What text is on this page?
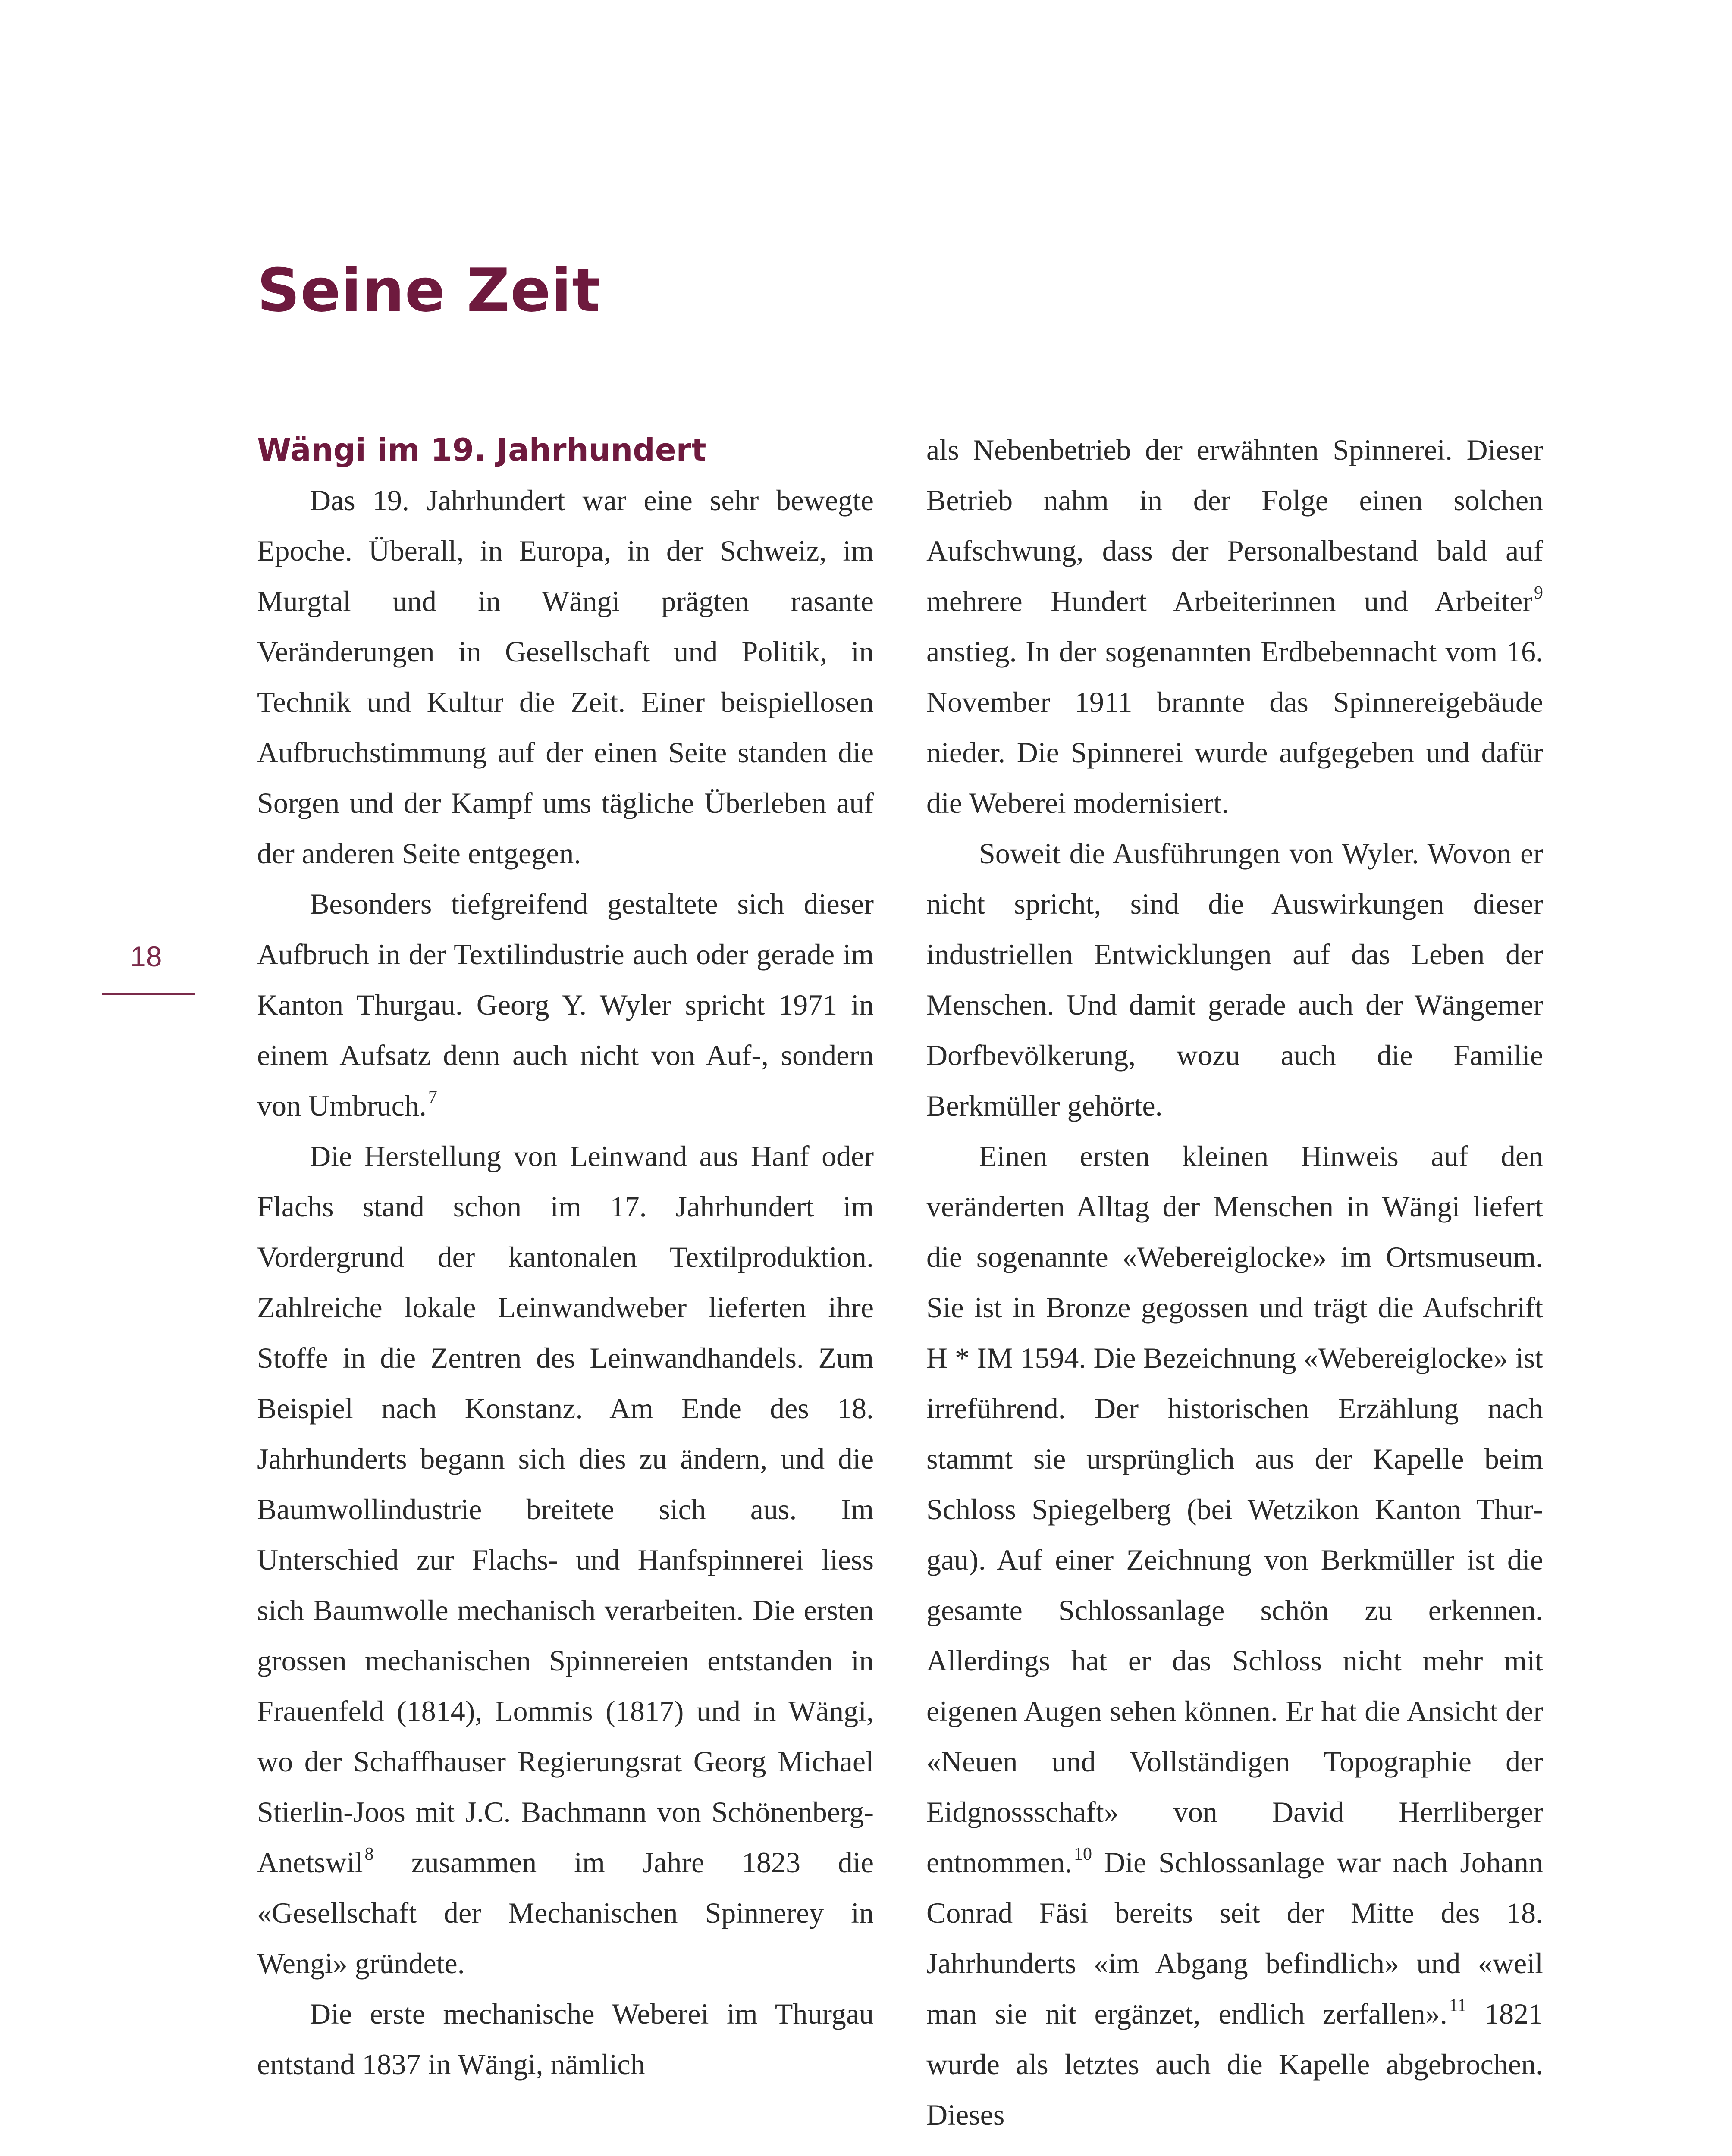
Seine Zeit
18
Wängi im 19. Jahrhundert

Das 19. Jahrhundert war eine sehr bewegte Epoche. Überall, in Europa, in der Schweiz, im Murgtal und in Wängi prägten rasante Veränderungen in Gesellschaft und Politik, in Technik und Kultur die Zeit. Einer beispiellosen Aufbruchstimmung auf der einen Seite standen die Sorgen und der Kampf ums tägliche Überleben auf der anderen Seite entgegen.

Besonders tiefgreifend gestaltete sich dieser Aufbruch in der Textilindustrie auch oder gerade im Kanton Thurgau. Georg Y. Wyler spricht 1971 in einem Aufsatz denn auch nicht von Auf-, sondern von Umbruch.$^7$

Die Herstellung von Leinwand aus Hanf oder Flachs stand schon im 17. Jahrhundert im Vordergrund der kantonalen Textilproduktion. Zahlreiche lokale Leinwandweber lieferten ihre Stoffe in die Zentren des Leinwandhandels. Zum Beispiel nach Konstanz. Am Ende des 18. Jahrhunderts begann sich dies zu ändern, und die Baumwollindustrie breitete sich aus. Im Unterschied zur Flachs- und Hanfspinnerei liess sich Baumwolle mechanisch verarbeiten. Die ersten grossen mechanischen Spinnereien entstanden in Frauenfeld (1814), Lommis (1817) und in Wängi, wo der Schaffhauser Regierungsrat Georg Michael Stierlin-Joos mit J.C. Bachmann von Schönenberg-Anetswil$^8$ zusammen im Jahre 1823 die «Gesellschaft der Mechanischen Spinnerey in Wengi» gründete.

Die erste mechanische Weberei im Thurgau entstand 1837 in Wängi, nämlich

als Nebenbetrieb der erwähnten Spinnerei. Dieser Betrieb nahm in der Folge einen solchen Aufschwung, dass der Personalbestand bald auf mehrere Hundert Arbeiterinnen und Arbeiter$^9$ anstieg. In der sogenannten Erdbebennacht vom 16. November 1911 brannte das Spinnereigebäude nieder. Die Spinnerei wurde aufgegeben und dafür die Weberei modernisiert.

Soweit die Ausführungen von Wyler. Wovon er nicht spricht, sind die Auswirkungen dieser industriellen Entwicklungen auf das Leben der Menschen. Und damit gerade auch der Wängemer Dorfbevölkerung, wozu auch die Familie Berkmüller gehörte.

Einen ersten kleinen Hinweis auf den veränderten Alltag der Menschen in Wängi liefert die sogenannte «Webereiglocke» im Ortsmuseum. Sie ist in Bronze gegossen und trägt die Aufschrift H * IM 1594. Die Bezeichnung «Webereiglocke» ist irreführend. Der historischen Erzählung nach stammt sie ursprünglich aus der Kapelle beim Schloss Spiegelberg (bei Wetzikon Kanton Thurgau). Auf einer Zeichnung von Berkmüller ist die gesamte Schlossanlage schön zu erkennen. Allerdings hat er das Schloss nicht mehr mit eigenen Augen sehen können. Er hat die Ansicht der «Neuen und Vollständigen Topographie der Eidgnossschaft» von David Herrliberger entnommen.$^{10}$ Die Schlossanlage war nach Johann Conrad Fäsi bereits seit der Mitte des 18. Jahrhunderts «im Abgang befindlich» und «weil man sie nit ergänzet, endlich zerfallen».$^{11}$ 1821 wurde als letztes auch die Kapelle abgebrochen. Dieses
